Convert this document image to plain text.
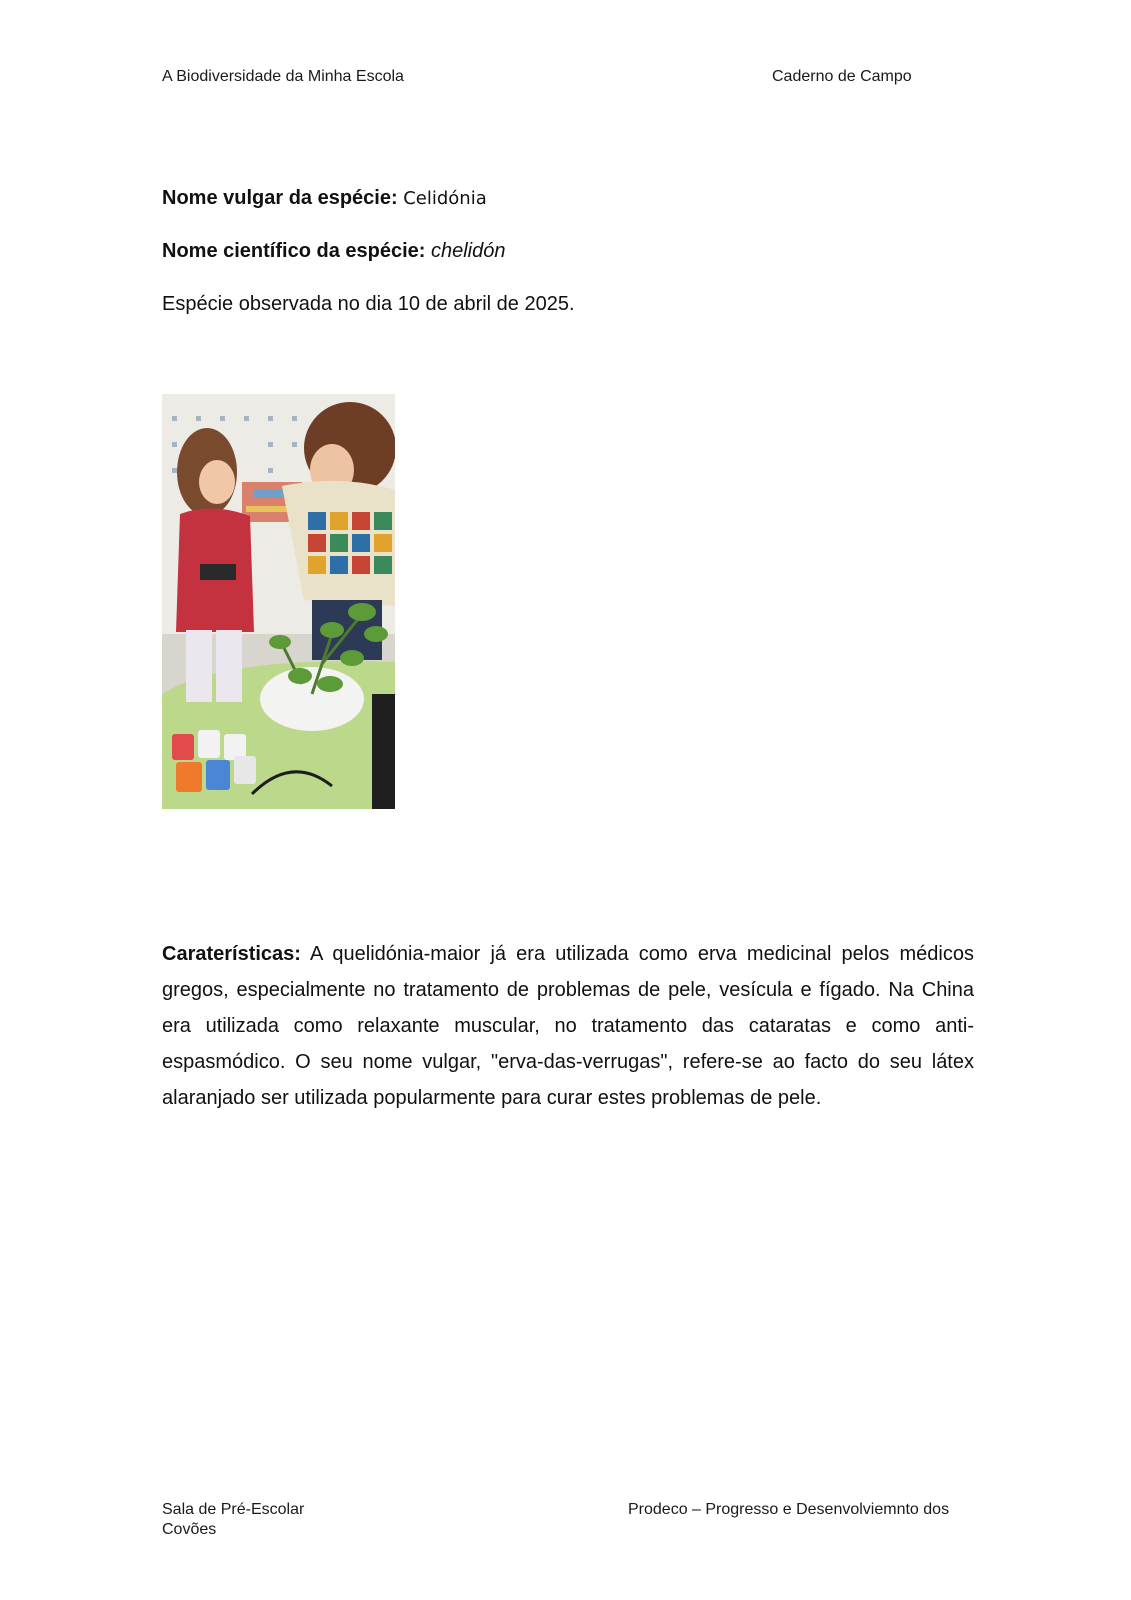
A Biodiversidade da Minha Escola	Caderno de Campo
Nome vulgar da espécie: Celidónia
Nome científico da espécie: chelidón
Espécie observada no dia 10 de abril de 2025.
Caraterísticas: A quelidónia-maior já era utilizada como erva medicinal pelos médicos gregos, especialmente no tratamento de problemas de pele, vesícula e fígado. Na China era utilizada como relaxante muscular, no tratamento das cataratas e como anti-espasmódico. O seu nome vulgar, "erva-das-verrugas", refere-se ao facto do seu látex alaranjado ser utilizada popularmente para curar estes problemas de pele.
Sala de Pré-Escolar
Covões
Prodeco – Progresso e Desenvolviemnto dos
